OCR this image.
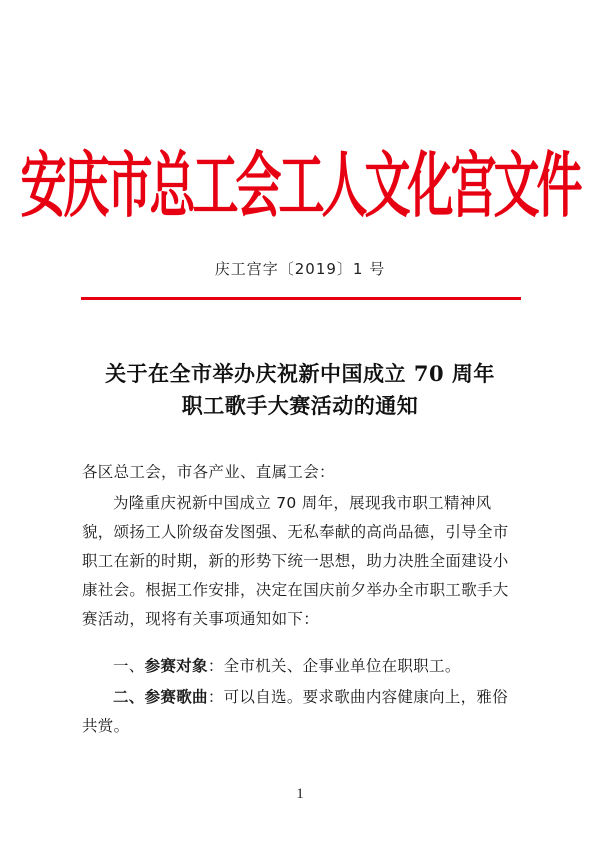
安庆市总工会工人文化宫文件
庆工宫字〔2019〕1 号
关于在全市举办庆祝新中国成立 70 周年
职工歌手大赛活动的通知
各区总工会，市各产业、直属工会：
为隆重庆祝新中国成立 70 周年，展现我市职工精神风貌，颂扬工人阶级奋发图强、无私奉献的高尚品德，引导全市职工在新的时期，新的形势下统一思想，助力决胜全面建设小康社会。根据工作安排，决定在国庆前夕举办全市职工歌手大赛活动，现将有关事项通知如下：
一、参赛对象：全市机关、企事业单位在职职工。
二、参赛歌曲：可以自选。要求歌曲内容健康向上，雅俗共赏。
1
